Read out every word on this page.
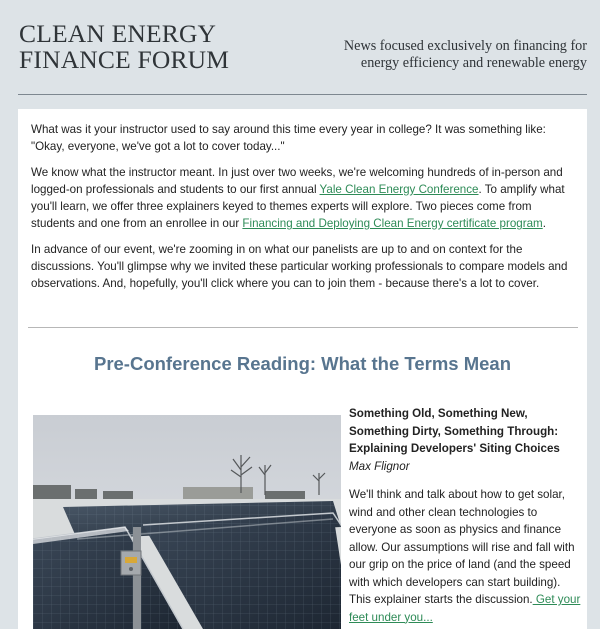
CLEAN ENERGY
FINANCE FORUM	News focused exclusively on financing for
energy efficiency and renewable energy

What was it your instructor used to say around this time every year in college? It was something like: "Okay, everyone, we've got a lot to cover today..."

We know what the instructor meant. In just over two weeks, we're welcoming hundreds of in-person and logged-on professionals and students to our first annual Yale Clean Energy Conference. To amplify what you'll learn, we offer three explainers keyed to themes experts will explore. Two pieces come from students and one from an enrollee in our Financing and Deploying Clean Energy certificate program.

In advance of our event, we're zooming in on what our panelists are up to and on context for the discussions. You'll glimpse why we invited these particular working professionals to compare models and observations. And, hopefully, you'll click where you can to join them - because there's a lot to cover.

Pre-Conference Reading: What the Terms Mean

Something Old, Something New, Something Dirty, Something Through: Explaining Developers' Siting Choices

Max Flignor

We'll think and talk about how to get solar, wind and other clean technologies to everyone as soon as physics and finance allow. Our assumptions will rise and fall with our grip on the price of land (and the speed with which developers can start building). This explainer starts the discussion. Get your feet under you...
